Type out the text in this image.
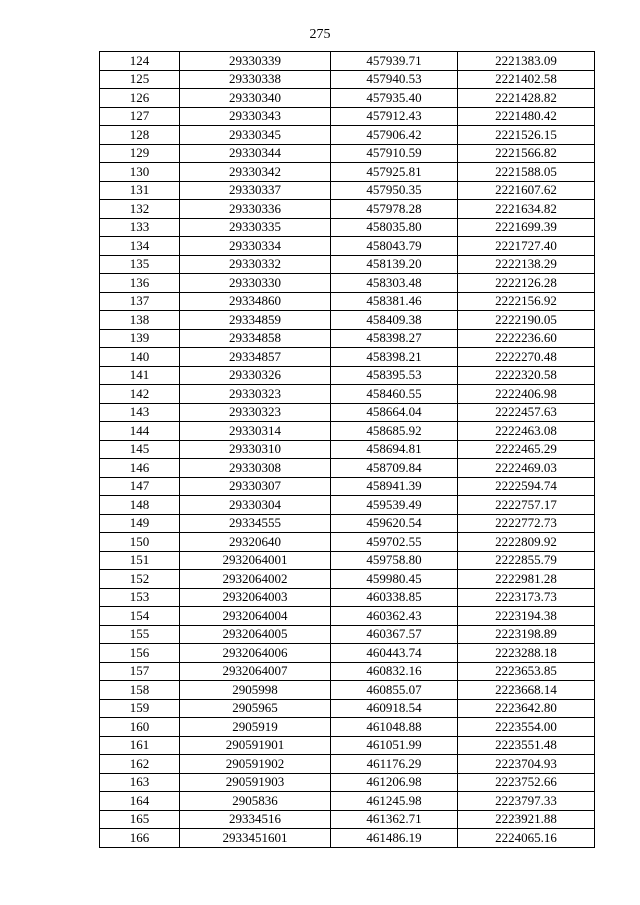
275
124	29330339	457939.71	2221383.09
125	29330338	457940.53	2221402.58
126	29330340	457935.40	2221428.82
127	29330343	457912.43	2221480.42
128	29330345	457906.42	2221526.15
129	29330344	457910.59	2221566.82
130	29330342	457925.81	2221588.05
131	29330337	457950.35	2221607.62
132	29330336	457978.28	2221634.82
133	29330335	458035.80	2221699.39
134	29330334	458043.79	2221727.40
135	29330332	458139.20	2222138.29
136	29330330	458303.48	2222126.28
137	29334860	458381.46	2222156.92
138	29334859	458409.38	2222190.05
139	29334858	458398.27	2222236.60
140	29334857	458398.21	2222270.48
141	29330326	458395.53	2222320.58
142	29330323	458460.55	2222406.98
143	29330323	458664.04	2222457.63
144	29330314	458685.92	2222463.08
145	29330310	458694.81	2222465.29
146	29330308	458709.84	2222469.03
147	29330307	458941.39	2222594.74
148	29330304	459539.49	2222757.17
149	29334555	459620.54	2222772.73
150	29320640	459702.55	2222809.92
151	2932064001	459758.80	2222855.79
152	2932064002	459980.45	2222981.28
153	2932064003	460338.85	2223173.73
154	2932064004	460362.43	2223194.38
155	2932064005	460367.57	2223198.89
156	2932064006	460443.74	2223288.18
157	2932064007	460832.16	2223653.85
158	2905998	460855.07	2223668.14
159	2905965	460918.54	2223642.80
160	2905919	461048.88	2223554.00
161	290591901	461051.99	2223551.48
162	290591902	461176.29	2223704.93
163	290591903	461206.98	2223752.66
164	2905836	461245.98	2223797.33
165	29334516	461362.71	2223921.88
166	2933451601	461486.19	2224065.16
